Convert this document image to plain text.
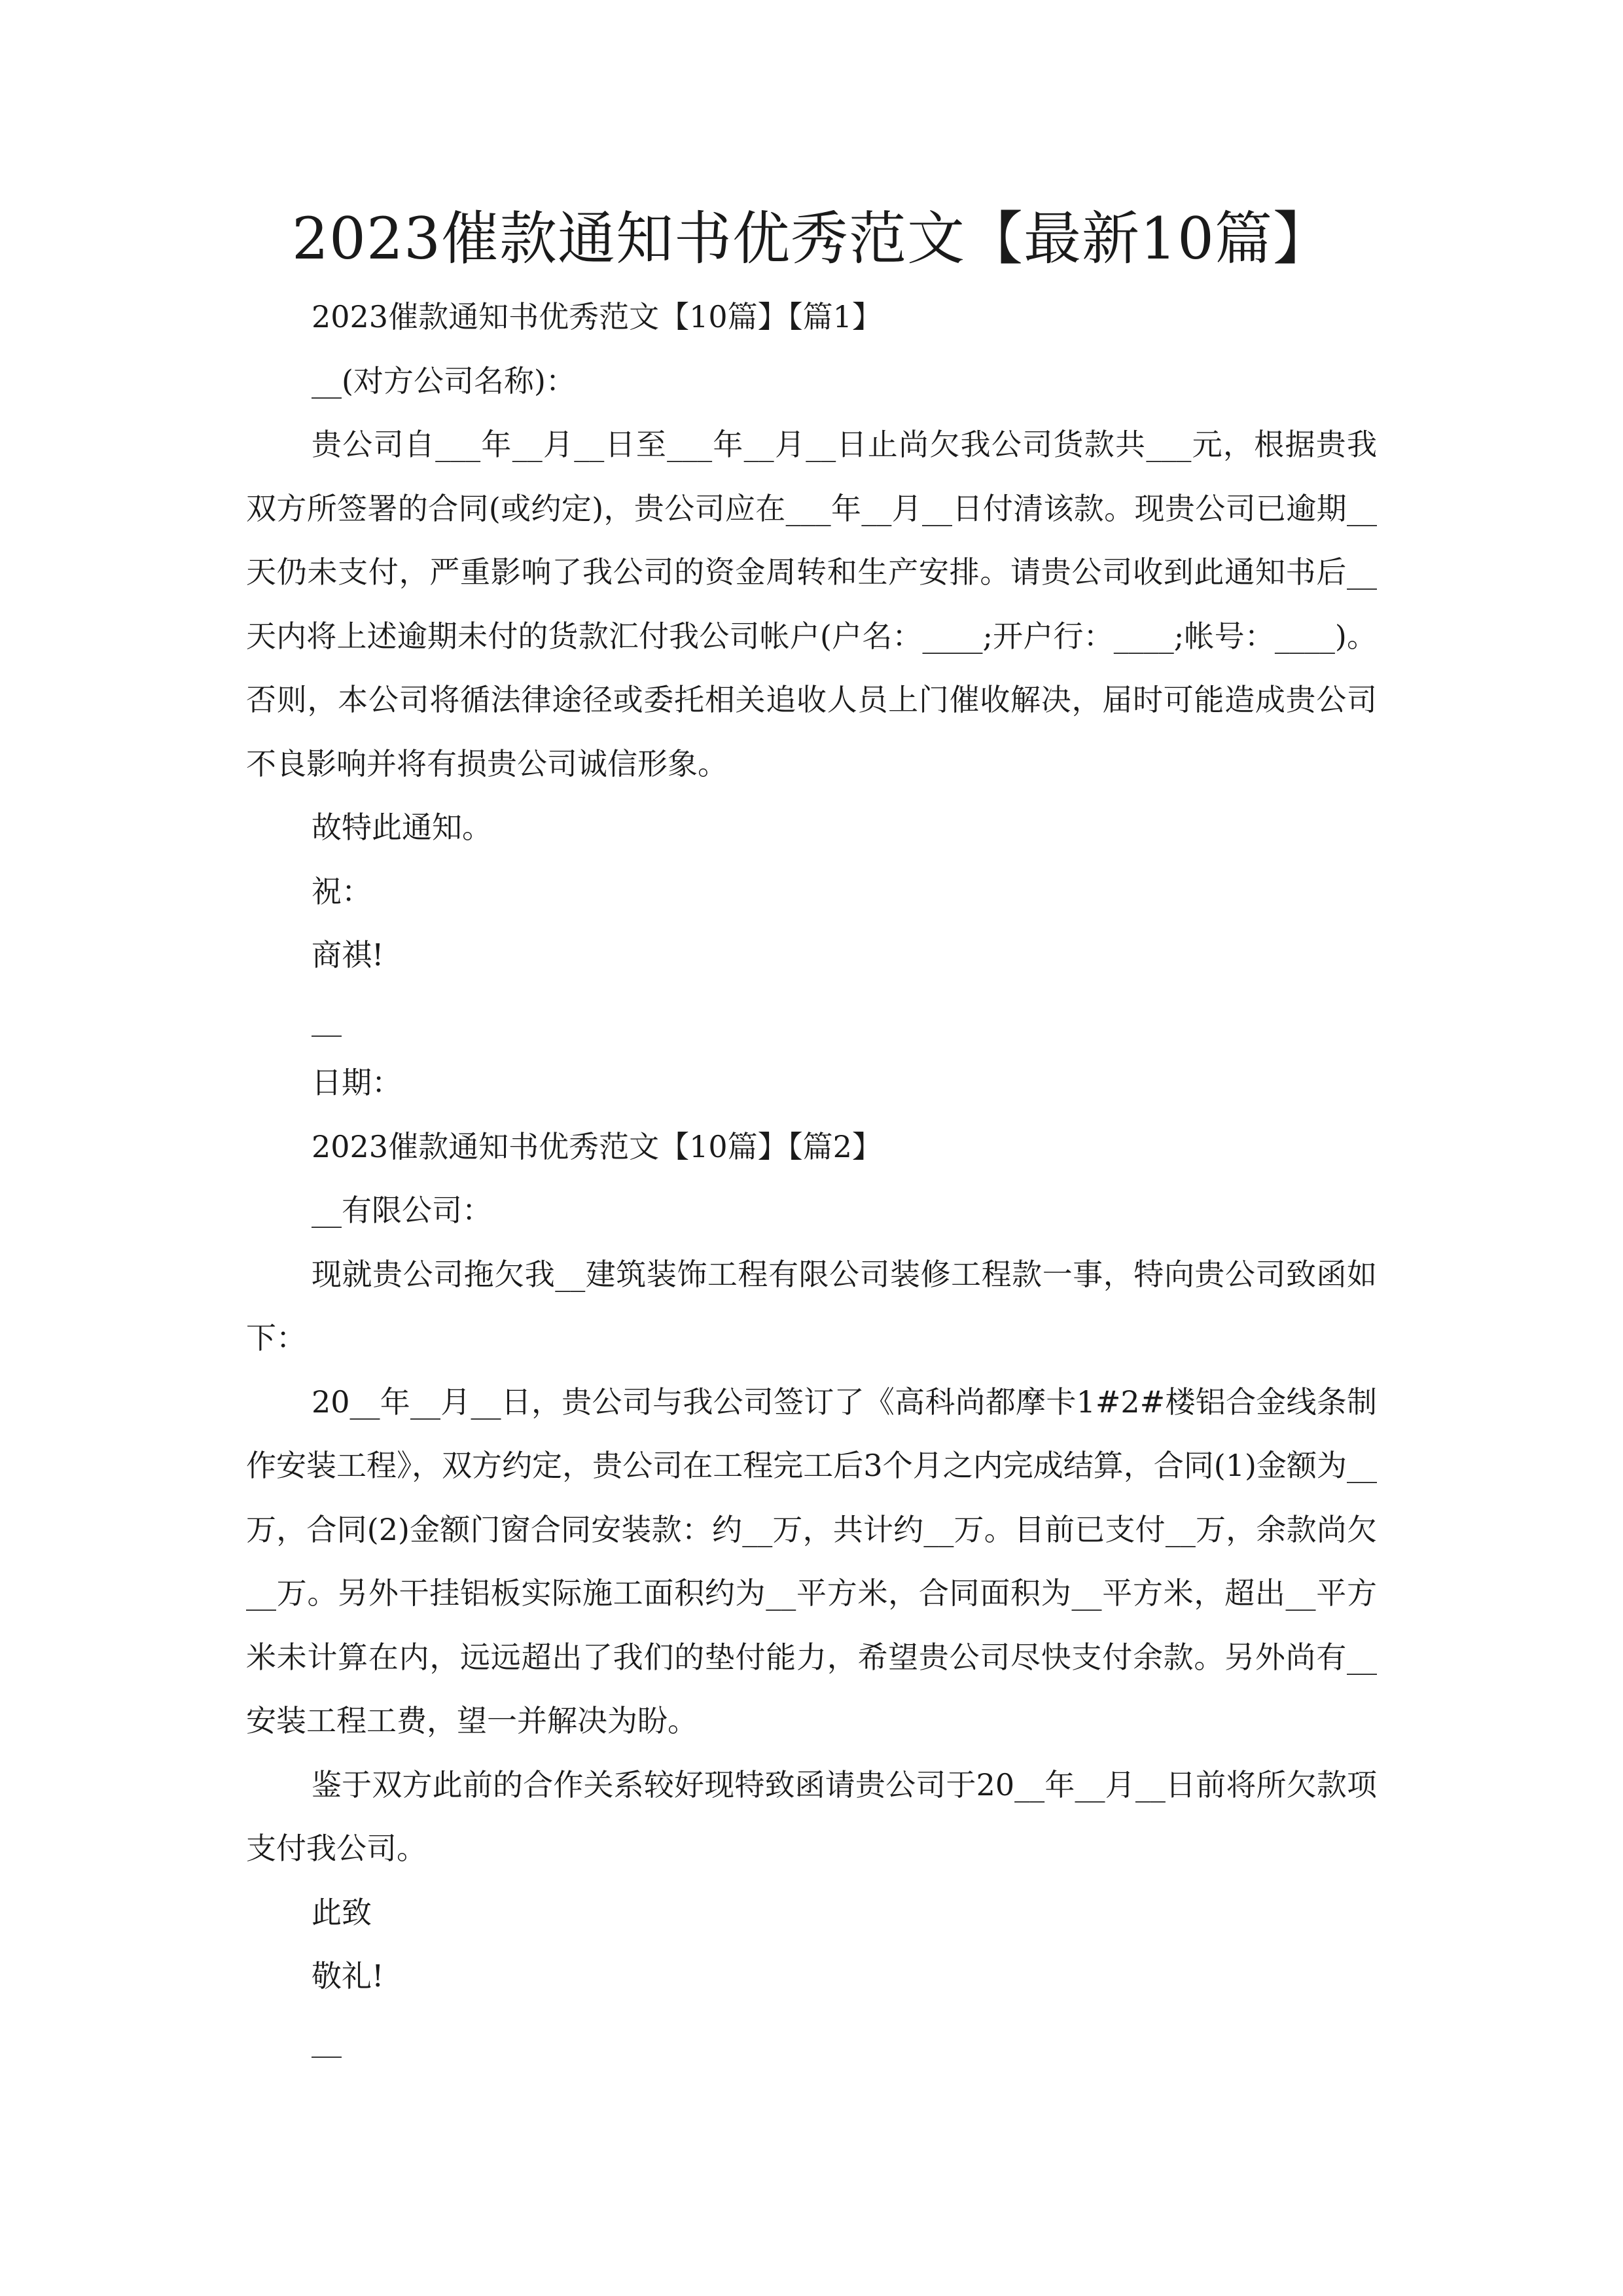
2023催款通知书优秀范文【最新10篇】

2023催款通知书优秀范文【10篇】【篇1】

__(对方公司名称)：

贵公司自___年__月__日至___年__月__日止尚欠我公司货款共___元，根据贵我双方所签署的合同(或约定)，贵公司应在___年__月__日付清该款。现贵公司已逾期__天仍未支付，严重影响了我公司的资金周转和生产安排。请贵公司收到此通知书后__天内将上述逾期未付的货款汇付我公司帐户(户名：____;开户行：____;帐号：____)。否则，本公司将循法律途径或委托相关追收人员上门催收解决，届时可能造成贵公司不良影响并将有损贵公司诚信形象。

故特此通知。

祝：

商祺!

__

日期：

2023催款通知书优秀范文【10篇】【篇2】

__有限公司：

现就贵公司拖欠我__建筑装饰工程有限公司装修工程款一事，特向贵公司致函如下：

20__年__月__日，贵公司与我公司签订了《高科尚都摩卡1#2#楼铝合金线条制作安装工程》，双方约定，贵公司在工程完工后3个月之内完成结算，合同(1)金额为__万，合同(2)金额门窗合同安装款：约__万，共计约__万。目前已支付__万，余款尚欠__万。另外干挂铝板实际施工面积约为__平方米，合同面积为__平方米，超出__平方米未计算在内，远远超出了我们的垫付能力，希望贵公司尽快支付余款。另外尚有__安装工程工费，望一并解决为盼。

鉴于双方此前的合作关系较好现特致函请贵公司于20__年__月__日前将所欠款项支付我公司。

此致

敬礼!

__
